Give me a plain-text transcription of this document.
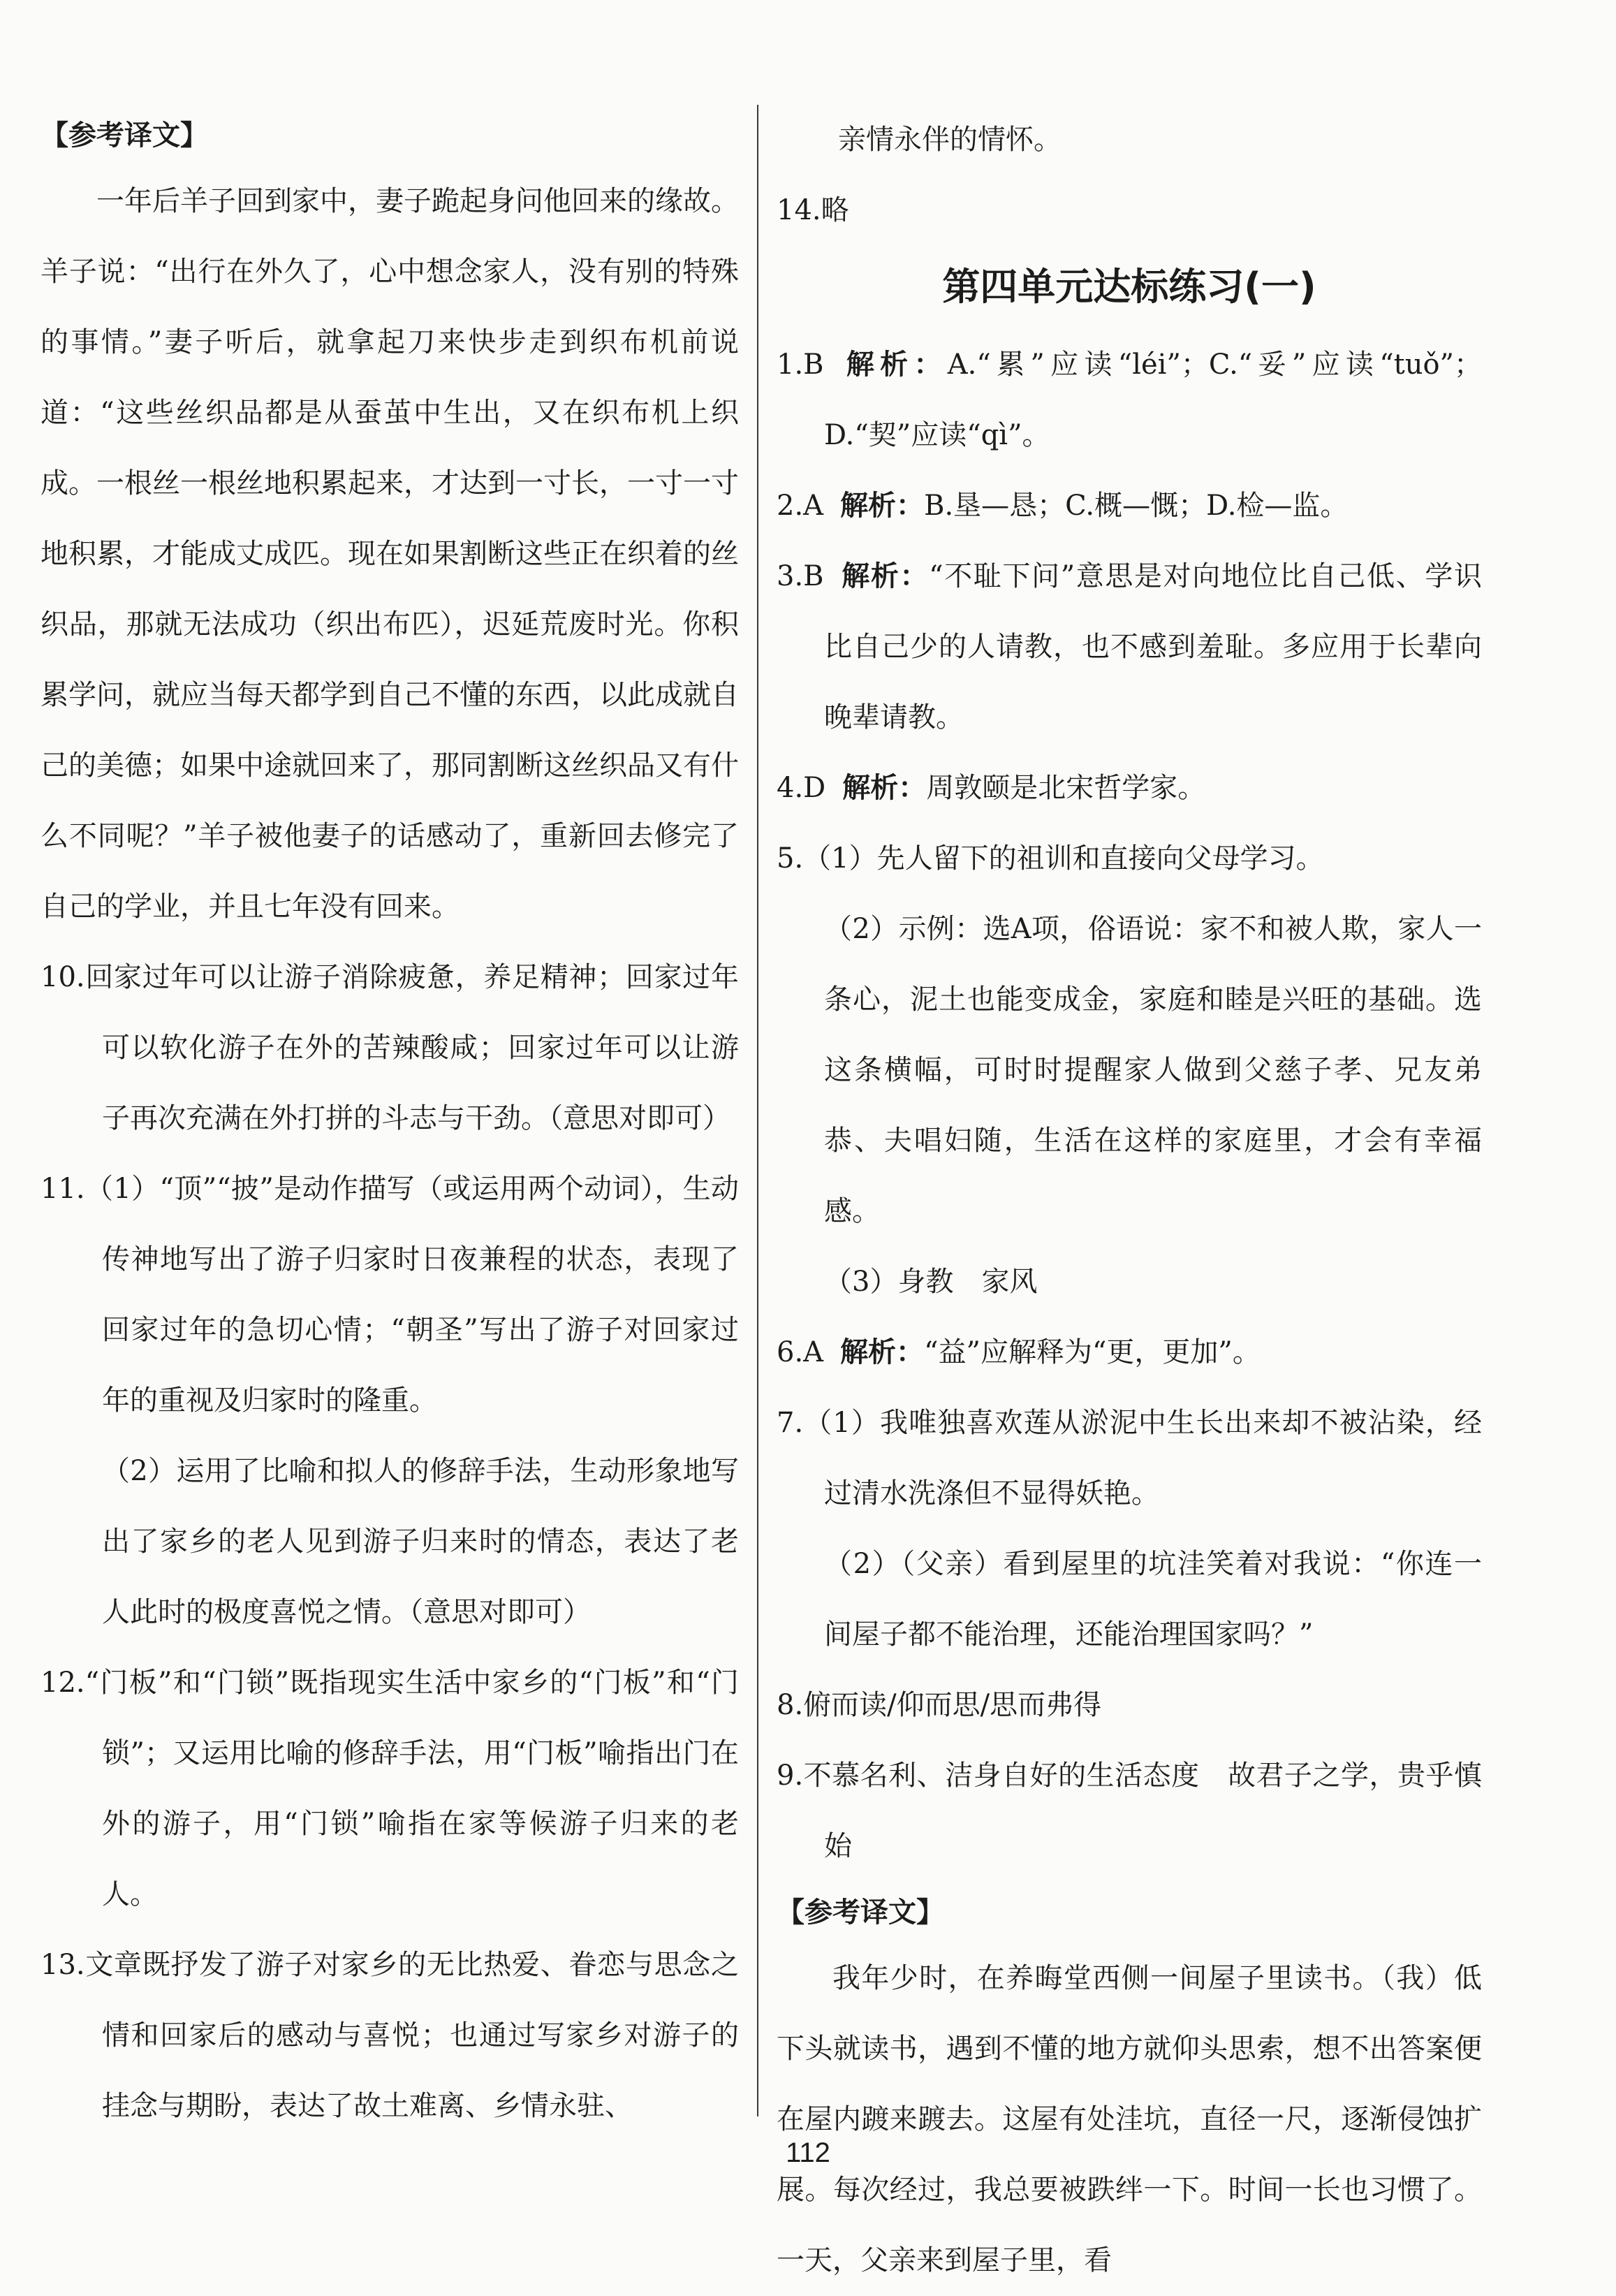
【参考译文】

一年后羊子回到家中，妻子跪起身问他回来的缘故。羊子说：“出行在外久了，心中想念家人，没有别的特殊的事情。”妻子听后，就拿起刀来快步走到织布机前说道：“这些丝织品都是从蚕茧中生出，又在织布机上织成。一根丝一根丝地积累起来，才达到一寸长，一寸一寸地积累，才能成丈成匹。现在如果割断这些正在织着的丝织品，那就无法成功（织出布匹），迟延荒废时光。你积累学问，就应当每天都学到自己不懂的东西，以此成就自己的美德；如果中途就回来了，那同割断这丝织品又有什么不同呢？”羊子被他妻子的话感动了，重新回去修完了自己的学业，并且七年没有回来。

10.回家过年可以让游子消除疲惫，养足精神；回家过年可以软化游子在外的苦辣酸咸；回家过年可以让游子再次充满在外打拼的斗志与干劲。（意思对即可）

11.（1）“顶”“披”是动作描写（或运用两个动词），生动传神地写出了游子归家时日夜兼程的状态，表现了回家过年的急切心情；“朝圣”写出了游子对回家过年的重视及归家时的隆重。

（2）运用了比喻和拟人的修辞手法，生动形象地写出了家乡的老人见到游子归来时的情态，表达了老人此时的极度喜悦之情。（意思对即可）

12.“门板”和“门锁”既指现实生活中家乡的“门板”和“门锁”；又运用比喻的修辞手法，用“门板”喻指出门在外的游子，用“门锁”喻指在家等候游子归来的老人。

13.文章既抒发了游子对家乡的无比热爱、眷恋与思念之情和回家后的感动与喜悦；也通过写家乡对游子的挂念与期盼，表达了故土难离、乡情永驻、

亲情永伴的情怀。

14.略

第四单元达标练习(一)

1.B 解析：A.“累”应读“léi”；C.“妥”应读“tuǒ”；D.“契”应读“qì”。

2.A 解析：B.垦—恳；C.概—慨；D.检—监。

3.B 解析：“不耻下问”意思是对向地位比自己低、学识比自己少的人请教，也不感到羞耻。多应用于长辈向晚辈请教。

4.D 解析：周敦颐是北宋哲学家。

5.（1）先人留下的祖训和直接向父母学习。

（2）示例：选A项，俗语说：家不和被人欺，家人一条心，泥土也能变成金，家庭和睦是兴旺的基础。选这条横幅，可时时提醒家人做到父慈子孝、兄友弟恭、夫唱妇随，生活在这样的家庭里，才会有幸福感。

（3）身教　家风

6.A 解析：“益”应解释为“更，更加”。

7.（1）我唯独喜欢莲从淤泥中生长出来却不被沾染，经过清水洗涤但不显得妖艳。

（2）（父亲）看到屋里的坑洼笑着对我说：“你连一间屋子都不能治理，还能治理国家吗？”

8.俯而读/仰而思/思而弗得

9.不慕名利、洁身自好的生活态度　故君子之学，贵乎慎始

【参考译文】

我年少时，在养晦堂西侧一间屋子里读书。（我）低下头就读书，遇到不懂的地方就仰头思索，想不出答案便在屋内踱来踱去。这屋有处洼坑，直径一尺，逐渐侵蚀扩展。每次经过，我总要被跌绊一下。时间一长也习惯了。一天，父亲来到屋子里，看

112
